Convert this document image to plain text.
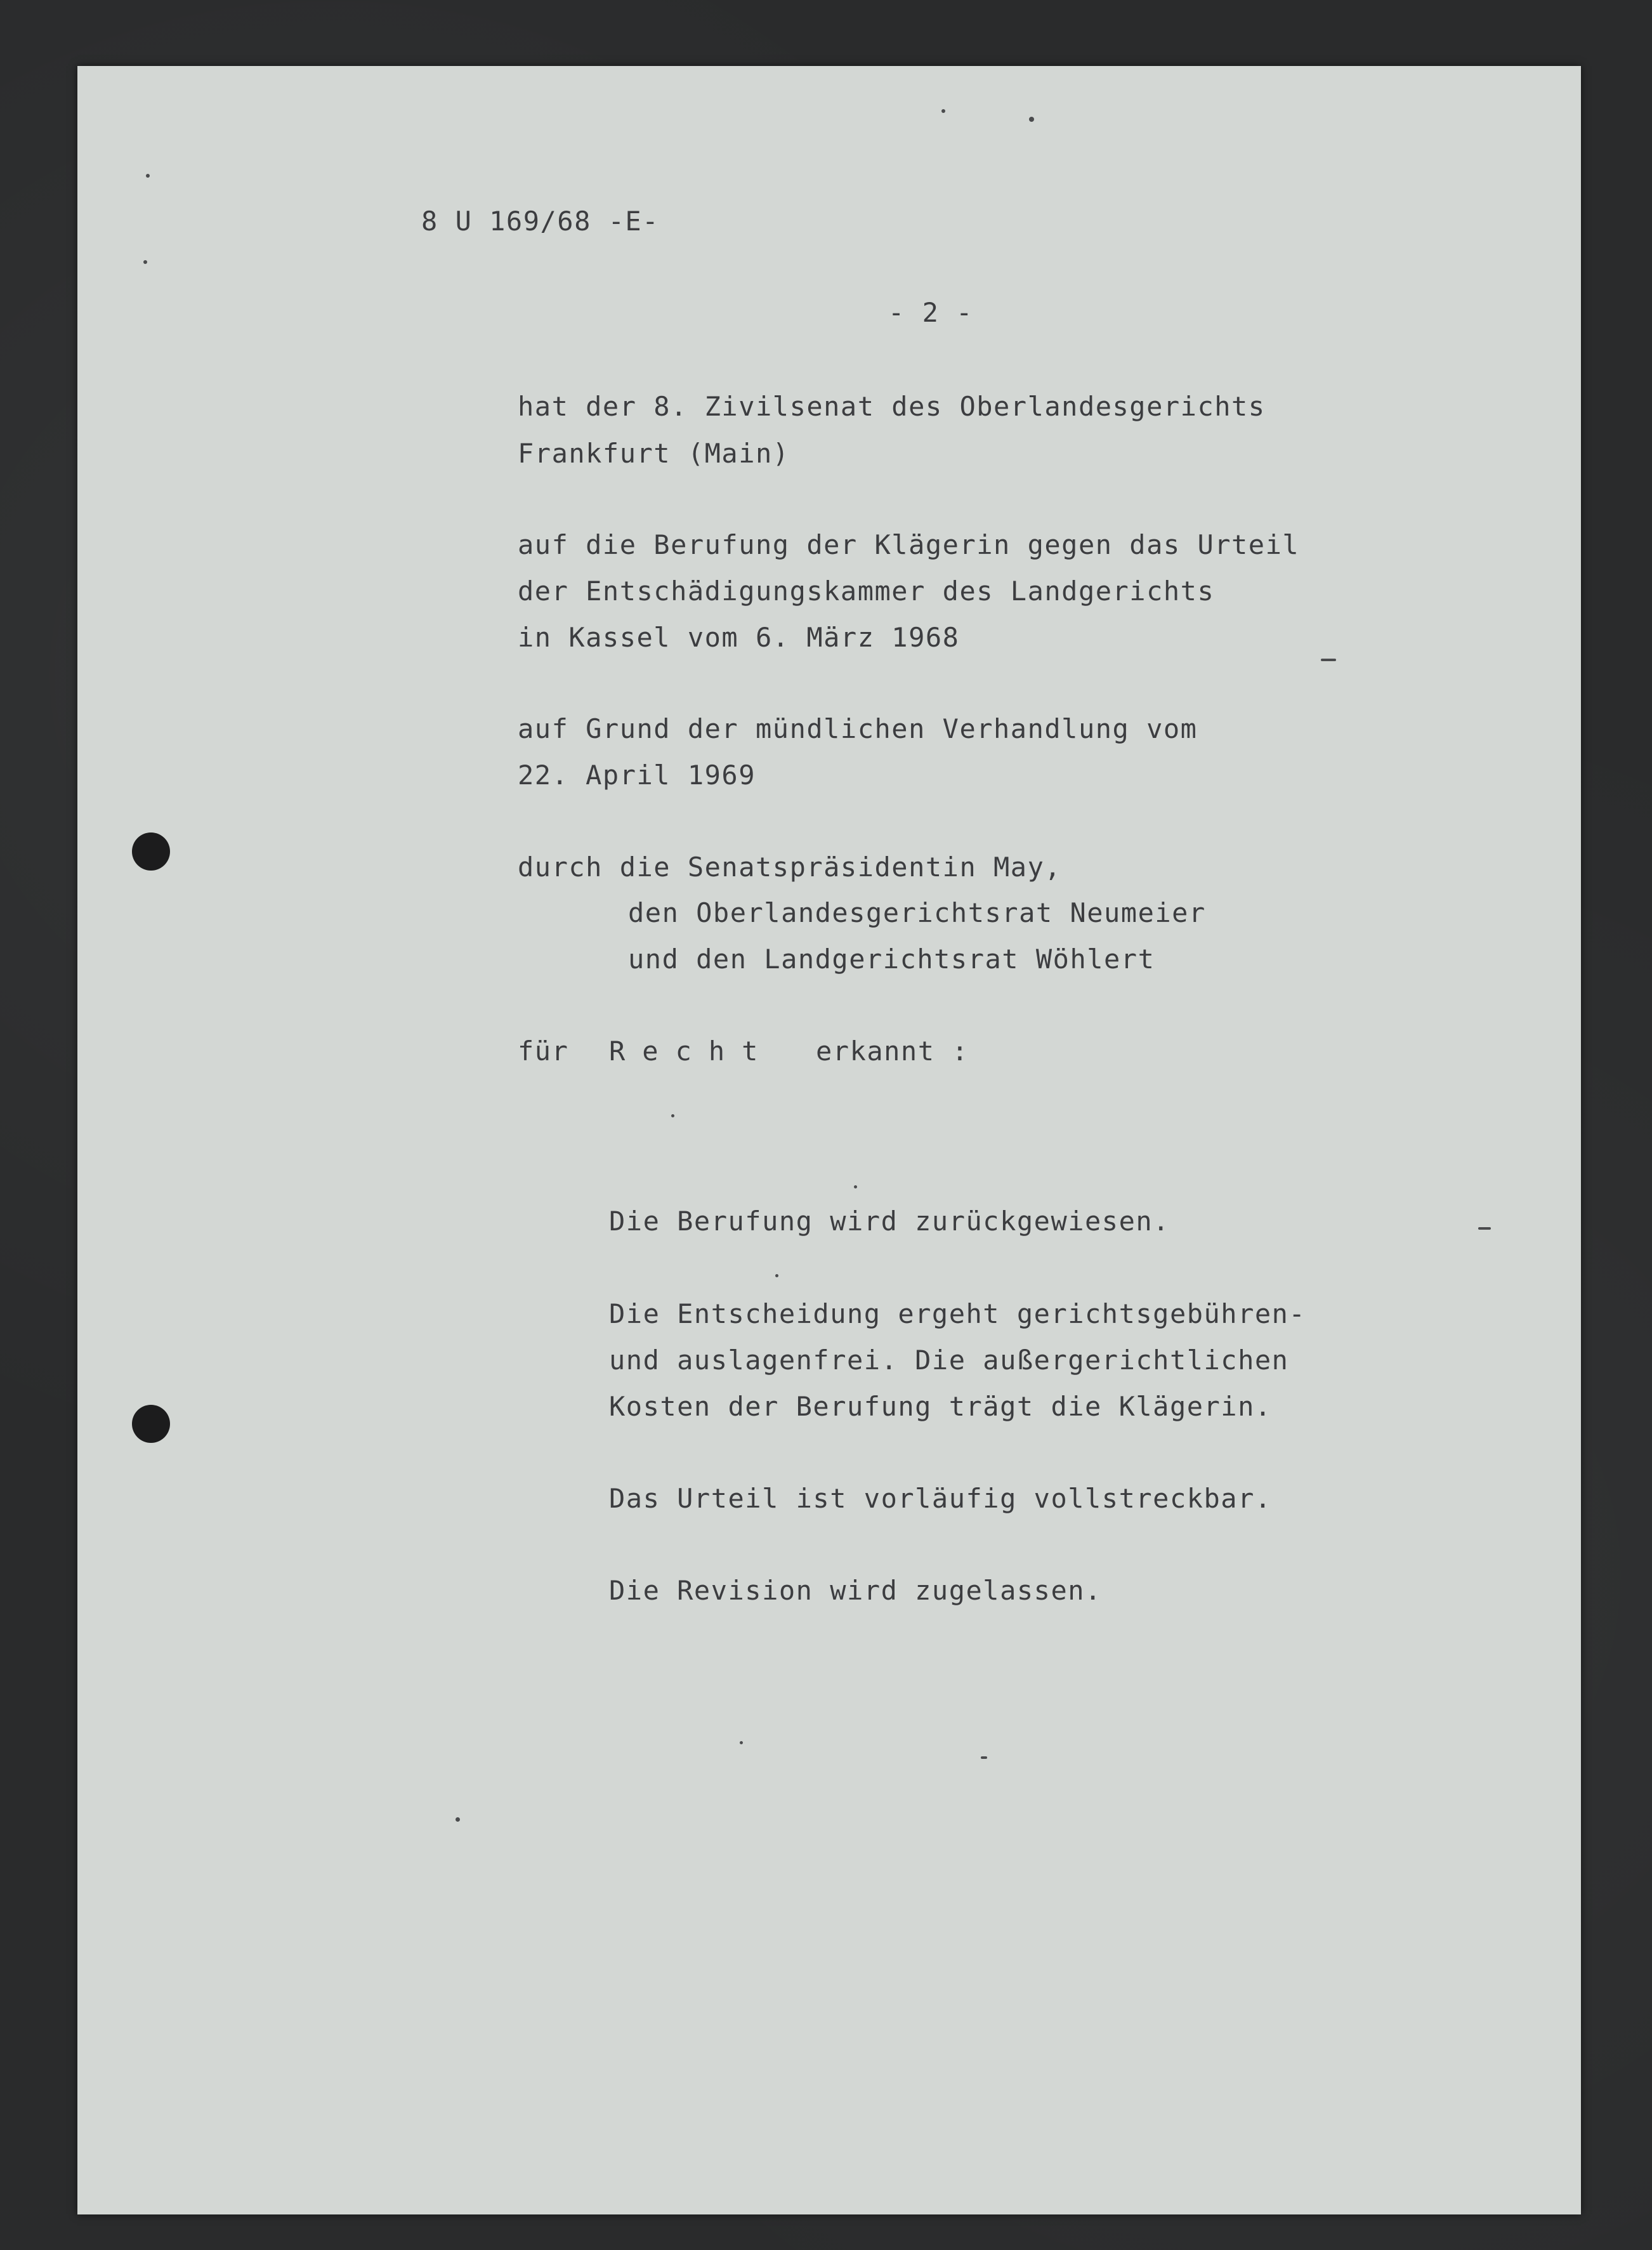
8 U 169/68 -E-

- 2 -

hat der 8. Zivilsenat des Oberlandesgerichts

Frankfurt (Main)

auf die Berufung der Klägerin gegen das Urteil

der Entschädigungskammer des Landgerichts

in Kassel vom 6. März 1968

auf Grund der mündlichen Verhandlung vom

22. April 1969

durch die Senatspräsidentin May,

den Oberlandesgerichtsrat Neumeier

und den Landgerichtsrat Wöhlert

für Recht erkannt :

Die Berufung wird zurückgewiesen.

Die Entscheidung ergeht gerichtsgebühren-

und auslagenfrei. Die außergerichtlichen

Kosten der Berufung trägt die Klägerin.

Das Urteil ist vorläufig vollstreckbar.

Die Revision wird zugelassen.
